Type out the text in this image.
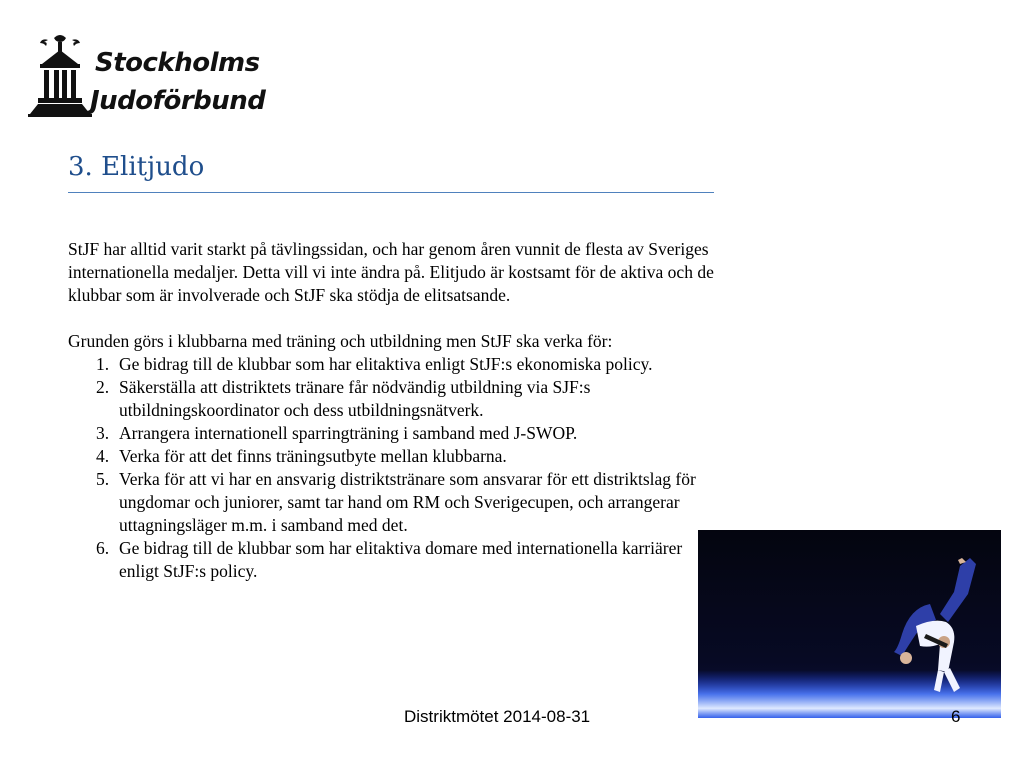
Stockholms
Judoförbund
3. Elitjudo

StJF har alltid varit starkt på tävlingssidan, och har genom åren vunnit de flesta av Sveriges internationella medaljer. Detta vill vi inte ändra på. Elitjudo är kostsamt för de aktiva och de klubbar som är involverade och StJF ska stödja de elitsatsande.

Grunden görs i klubbarna med träning och utbildning men StJF ska verka för:

1. Ge bidrag till de klubbar som har elitaktiva enligt StJF:s ekonomiska policy.
2. Säkerställa att distriktets tränare får nödvändig utbildning via SJF:s utbildningskoordinator och dess utbildningsnätverk.
3. Arrangera internationell sparringträning i samband med J-SWOP.
4. Verka för att det finns träningsutbyte mellan klubbarna.
5. Verka för att vi har en ansvarig distriktstränare som ansvarar för ett distriktslag för ungdomar och juniorer, samt tar hand om RM och Sverigecupen, och arrangerar uttagningsläger m.m. i samband med det.
6. Ge bidrag till de klubbar som har elitaktiva domare med internationella karriärer enligt StJF:s policy.
Distriktmötet 2014-08-31	6
